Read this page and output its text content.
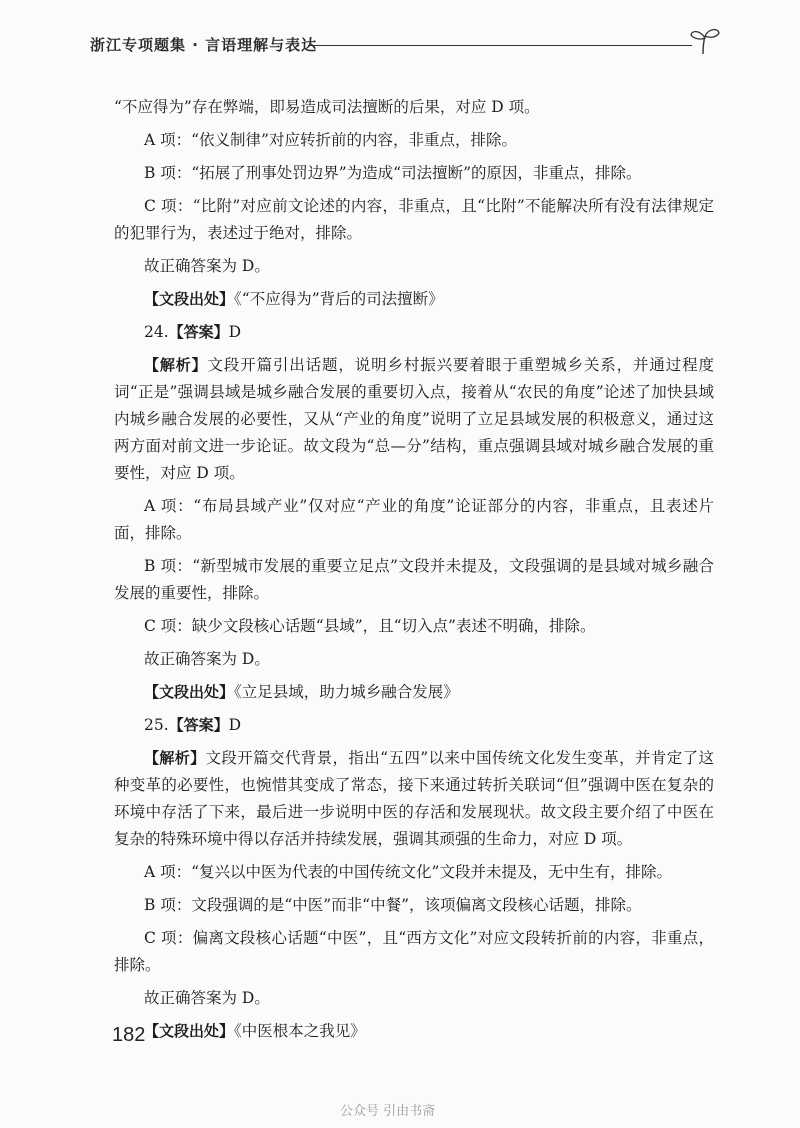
浙江专项题集 · 言语理解与表达

“不应得为”存在弊端，即易造成司法擅断的后果，对应 D 项。

A 项：“依义制律”对应转折前的内容，非重点，排除。

B 项：“拓展了刑事处罚边界”为造成“司法擅断”的原因，非重点，排除。

C 项：“比附”对应前文论述的内容，非重点，且“比附”不能解决所有没有法律规定的犯罪行为，表述过于绝对，排除。

故正确答案为 D。

【文段出处】《“不应得为”背后的司法擅断》

24.【答案】D

【解析】文段开篇引出话题，说明乡村振兴要着眼于重塑城乡关系，并通过程度词“正是”强调县域是城乡融合发展的重要切入点，接着从“农民的角度”论述了加快县域内城乡融合发展的必要性，又从“产业的角度”说明了立足县域发展的积极意义，通过这两方面对前文进一步论证。故文段为“总—分”结构，重点强调县域对城乡融合发展的重要性，对应 D 项。

A 项：“布局县域产业”仅对应“产业的角度”论证部分的内容，非重点，且表述片面，排除。

B 项：“新型城市发展的重要立足点”文段并未提及，文段强调的是县域对城乡融合发展的重要性，排除。

C 项：缺少文段核心话题“县域”，且“切入点”表述不明确，排除。

故正确答案为 D。

【文段出处】《立足县域，助力城乡融合发展》

25.【答案】D

【解析】文段开篇交代背景，指出“五四”以来中国传统文化发生变革，并肯定了这种变革的必要性，也惋惜其变成了常态，接下来通过转折关联词“但”强调中医在复杂的环境中存活了下来，最后进一步说明中医的存活和发展现状。故文段主要介绍了中医在复杂的特殊环境中得以存活并持续发展，强调其顽强的生命力，对应 D 项。

A 项：“复兴以中医为代表的中国传统文化”文段并未提及，无中生有，排除。

B 项：文段强调的是“中医”而非“中餐”，该项偏离文段核心话题，排除。

C 项：偏离文段核心话题“中医”，且“西方文化”对应文段转折前的内容，非重点，排除。

故正确答案为 D。

【文段出处】《中医根本之我见》

182
公众号 引由书斋
